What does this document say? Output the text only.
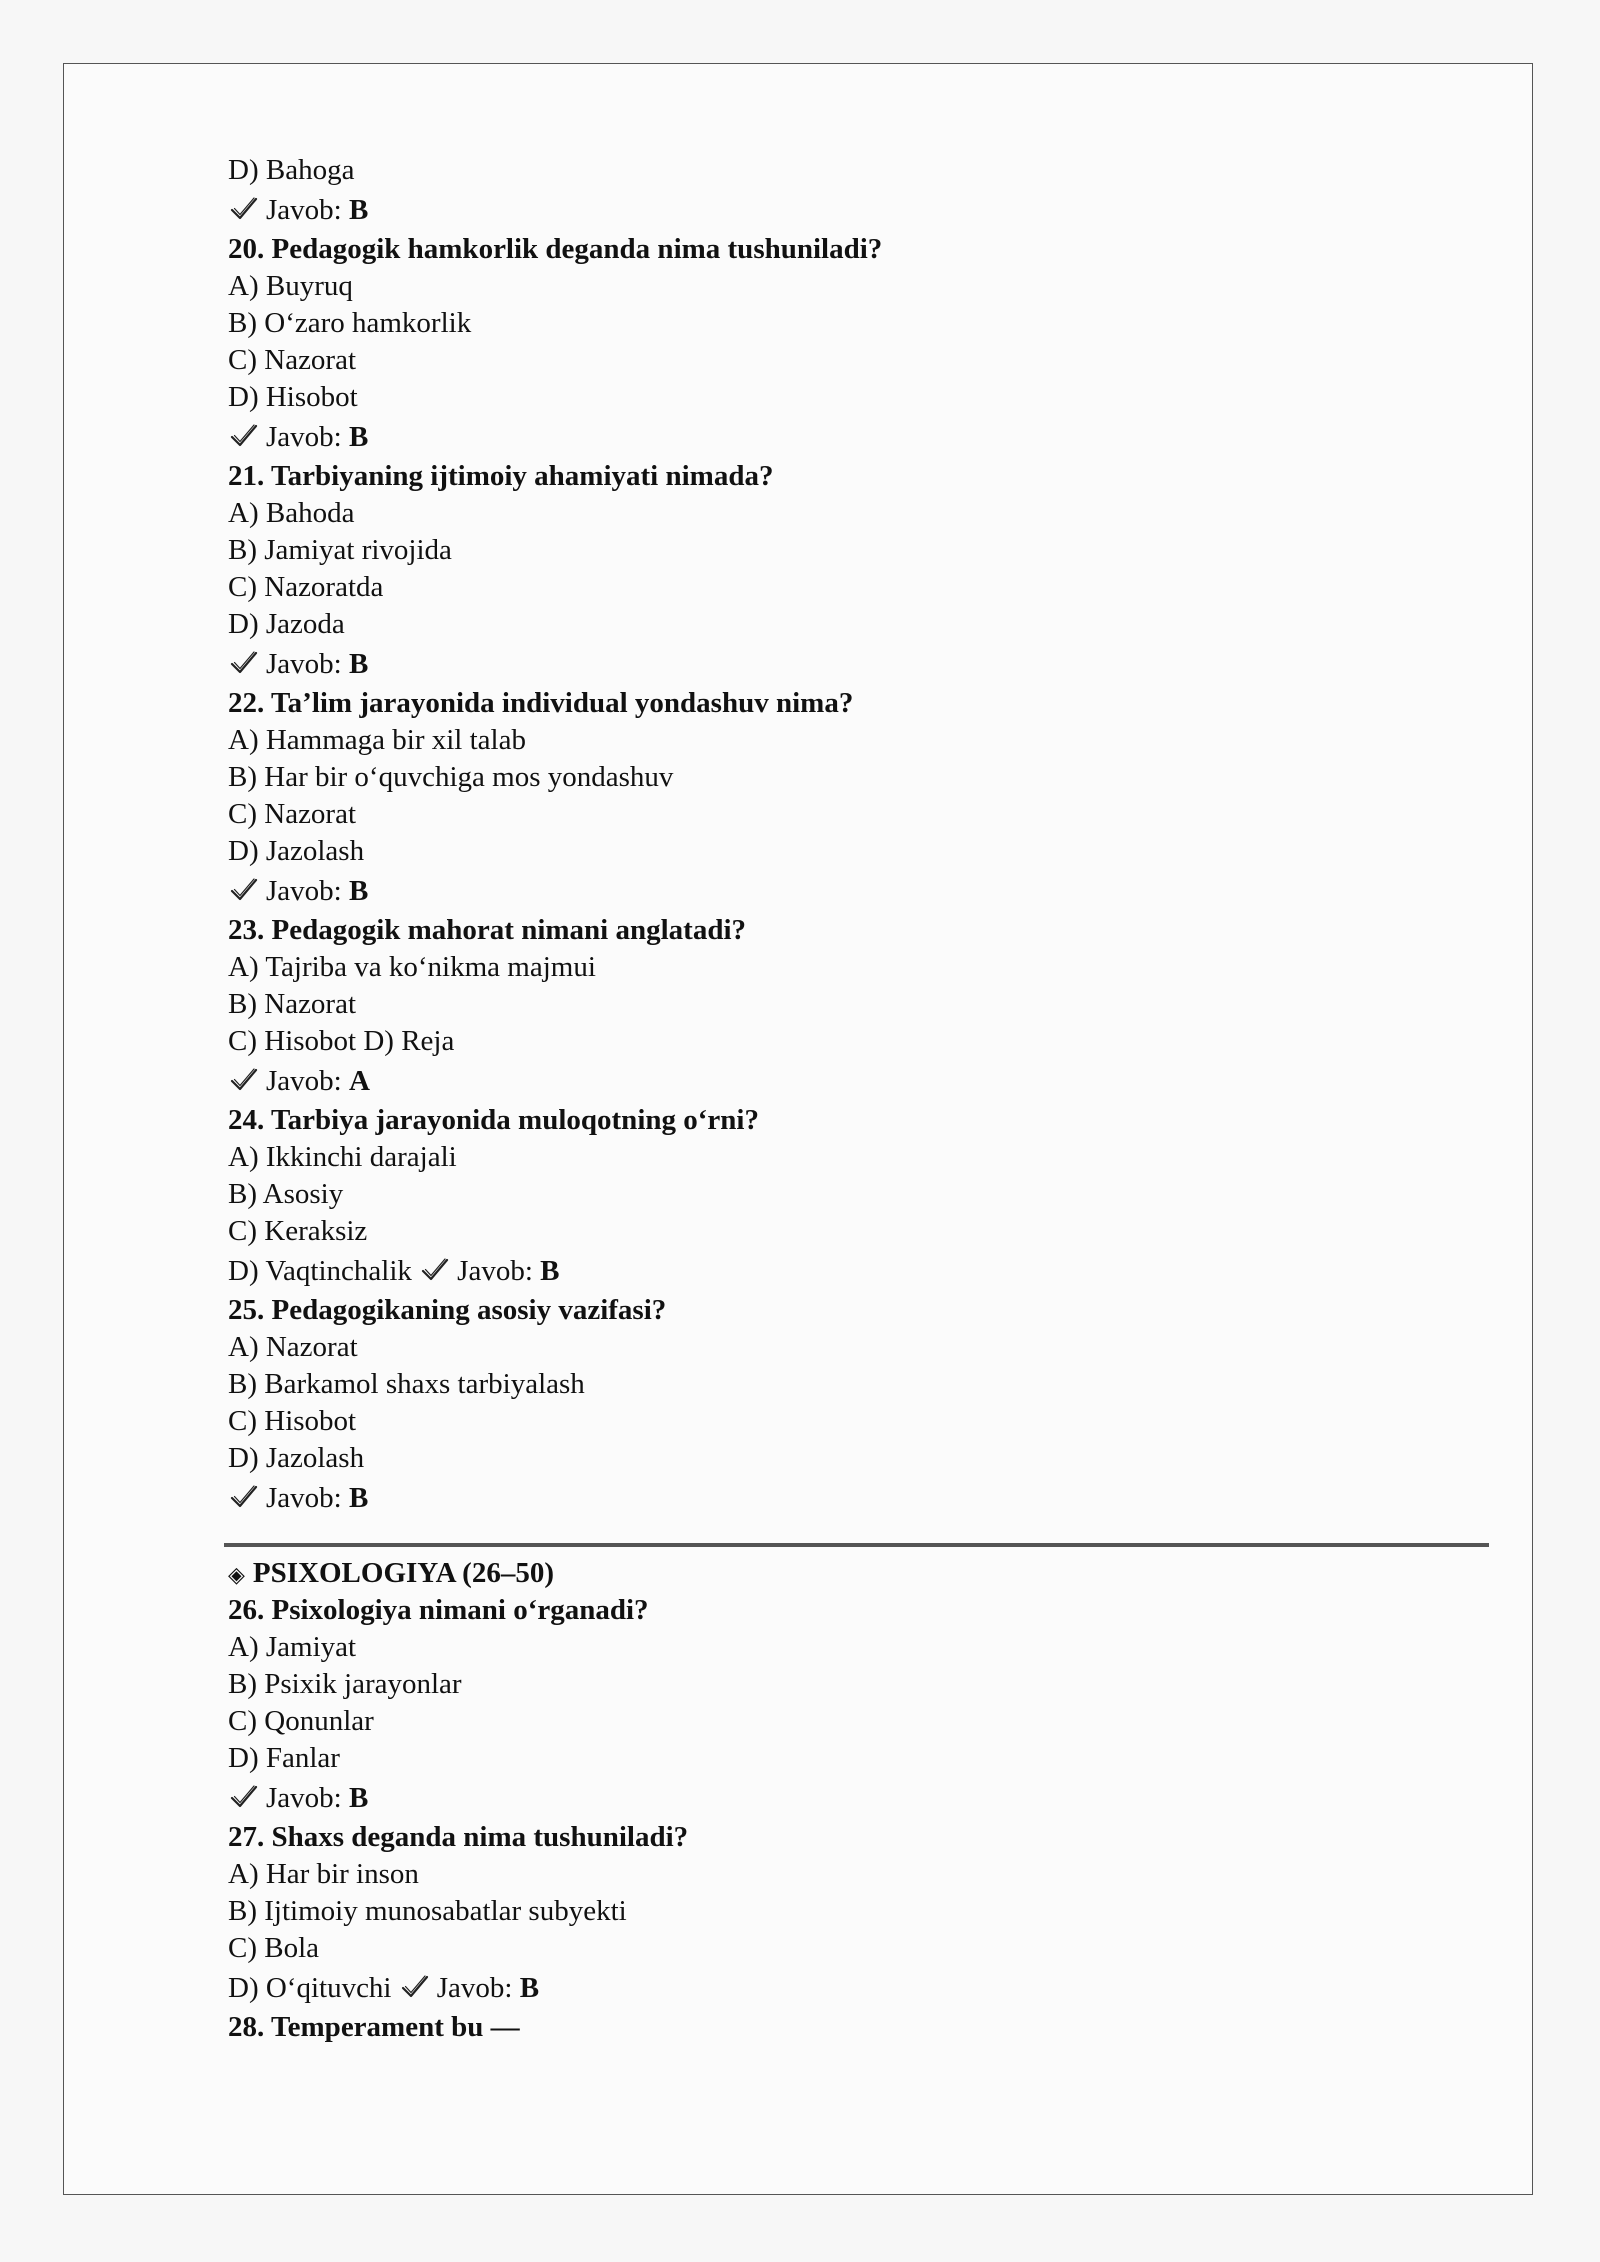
D) Bahoga
Javob: B
20. Pedagogik hamkorlik deganda nima tushuniladi?
A) Buyruq
B) O‘zaro hamkorlik
C) Nazorat
D) Hisobot
Javob: B
21. Tarbiyaning ijtimoiy ahamiyati nimada?
A) Bahoda
B) Jamiyat rivojida
C) Nazoratda
D) Jazoda
Javob: B
22. Ta’lim jarayonida individual yondashuv nima?
A) Hammaga bir xil talab
B) Har bir o‘quvchiga mos yondashuv
C) Nazorat
D) Jazolash
Javob: B
23. Pedagogik mahorat nimani anglatadi?
A) Tajriba va ko‘nikma majmui
B) Nazorat
C) Hisobot D) Reja
Javob: A
24. Tarbiya jarayonida muloqotning o‘rni?
A) Ikkinchi darajali
B) Asosiy
C) Keraksiz
D) Vaqtinchalik
Javob: B
25. Pedagogikaning asosiy vazifasi?
A) Nazorat
B) Barkamol shaxs tarbiyalash
C) Hisobot
D) Jazolash
Javob: B
◈ PSIXOLOGIYA (26–50)
26. Psixologiya nimani o‘rganadi?
A) Jamiyat
B) Psixik jarayonlar
C) Qonunlar
D) Fanlar
Javob: B
27. Shaxs deganda nima tushuniladi?
A) Har bir inson
B) Ijtimoiy munosabatlar subyekti
C) Bola
D) O‘qituvchi
Javob: B
28. Temperament bu —
